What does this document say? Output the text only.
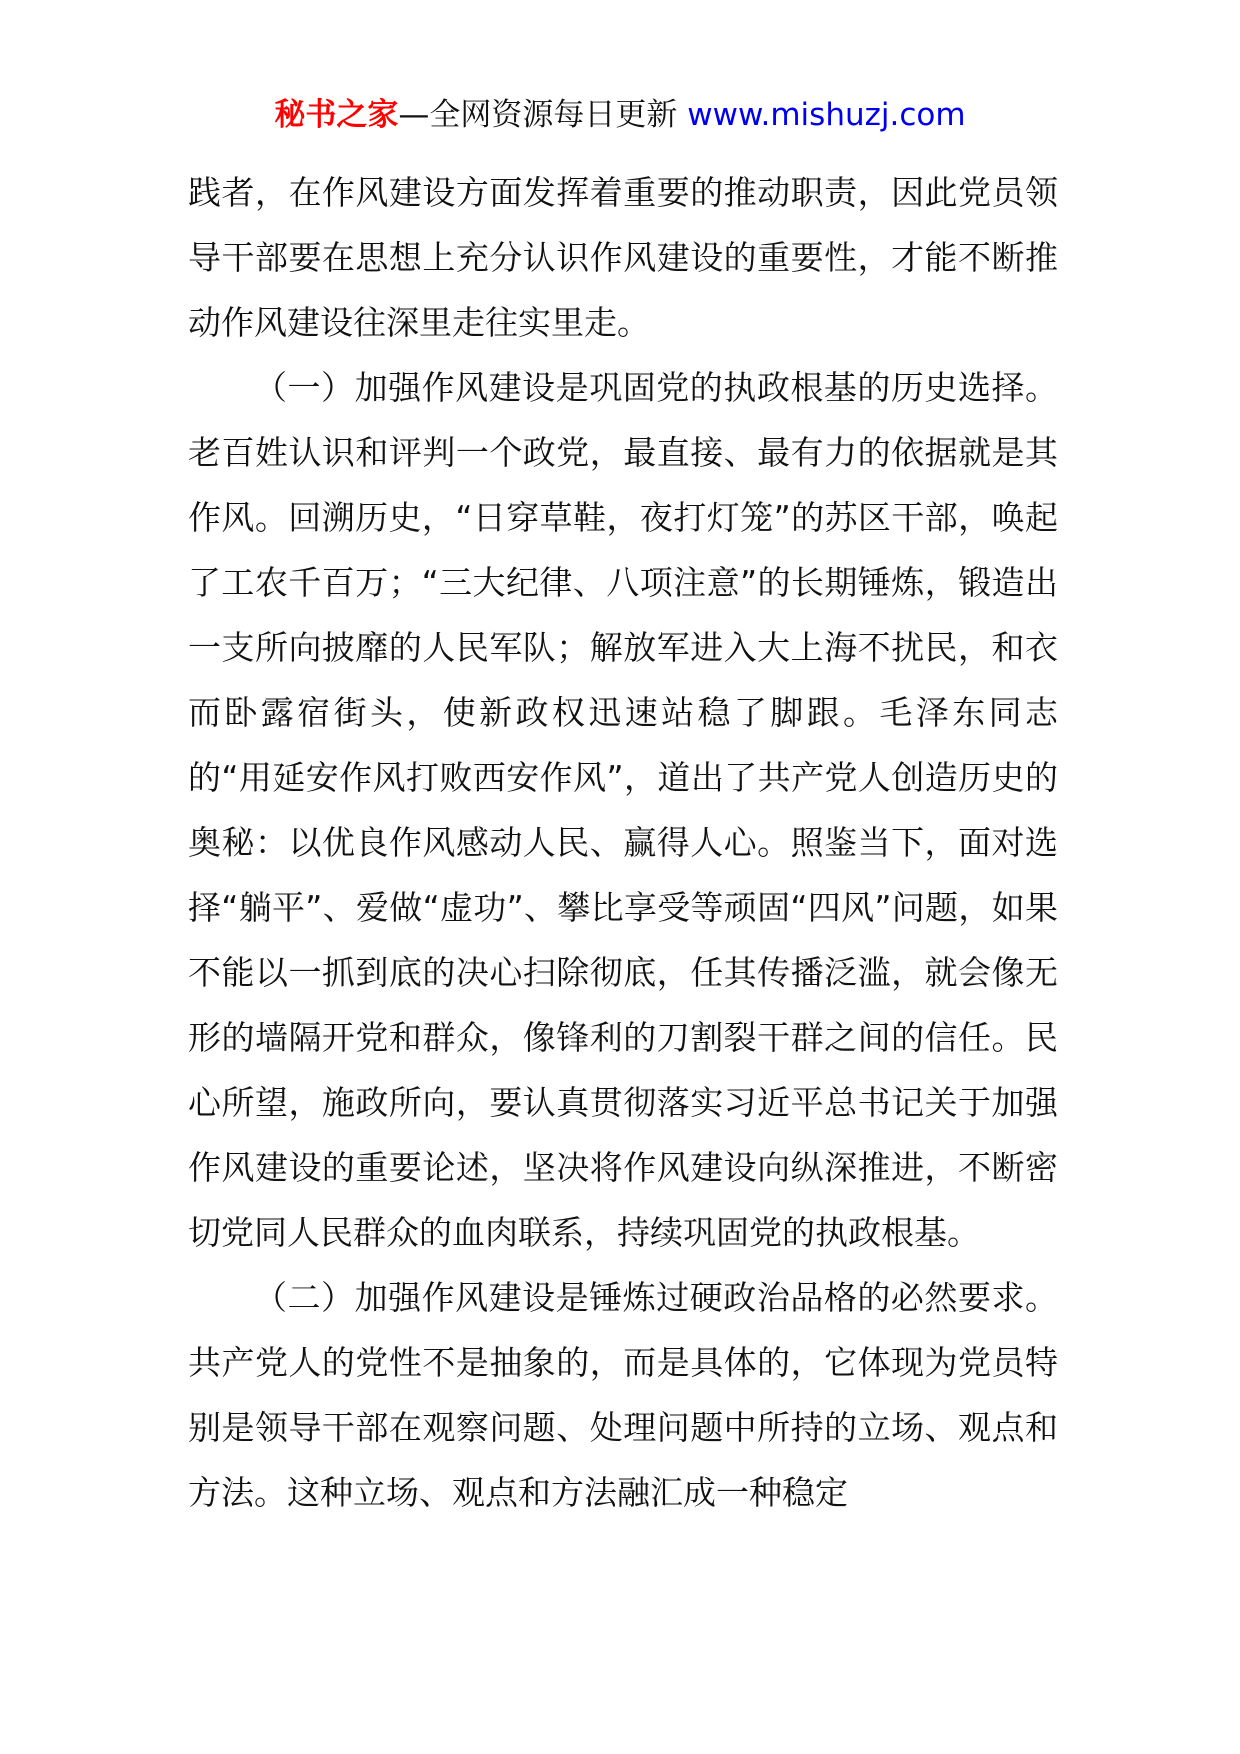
秘书之家—全网资源每日更新 www.mishuzj.com

践者，在作风建设方面发挥着重要的推动职责，因此党员领导干部要在思想上充分认识作风建设的重要性，才能不断推动作风建设往深里走往实里走。

（一）加强作风建设是巩固党的执政根基的历史选择。老百姓认识和评判一个政党，最直接、最有力的依据就是其作风。回溯历史，“日穿草鞋，夜打灯笼”的苏区干部，唤起了工农千百万；“三大纪律、八项注意”的长期锤炼，锻造出一支所向披靡的人民军队；解放军进入大上海不扰民，和衣而卧露宿街头，使新政权迅速站稳了脚跟。毛泽东同志的“用延安作风打败西安作风”，道出了共产党人创造历史的奥秘：以优良作风感动人民、赢得人心。照鉴当下，面对选择“躺平”、爱做“虚功”、攀比享受等顽固“四风”问题，如果不能以一抓到底的决心扫除彻底，任其传播泛滥，就会像无形的墙隔开党和群众，像锋利的刀割裂干群之间的信任。民心所望，施政所向，要认真贯彻落实习近平总书记关于加强作风建设的重要论述，坚决将作风建设向纵深推进，不断密切党同人民群众的血肉联系，持续巩固党的执政根基。

（二）加强作风建设是锤炼过硬政治品格的必然要求。共产党人的党性不是抽象的，而是具体的，它体现为党员特别是领导干部在观察问题、处理问题中所持的立场、观点和方法。这种立场、观点和方法融汇成一种稳定
